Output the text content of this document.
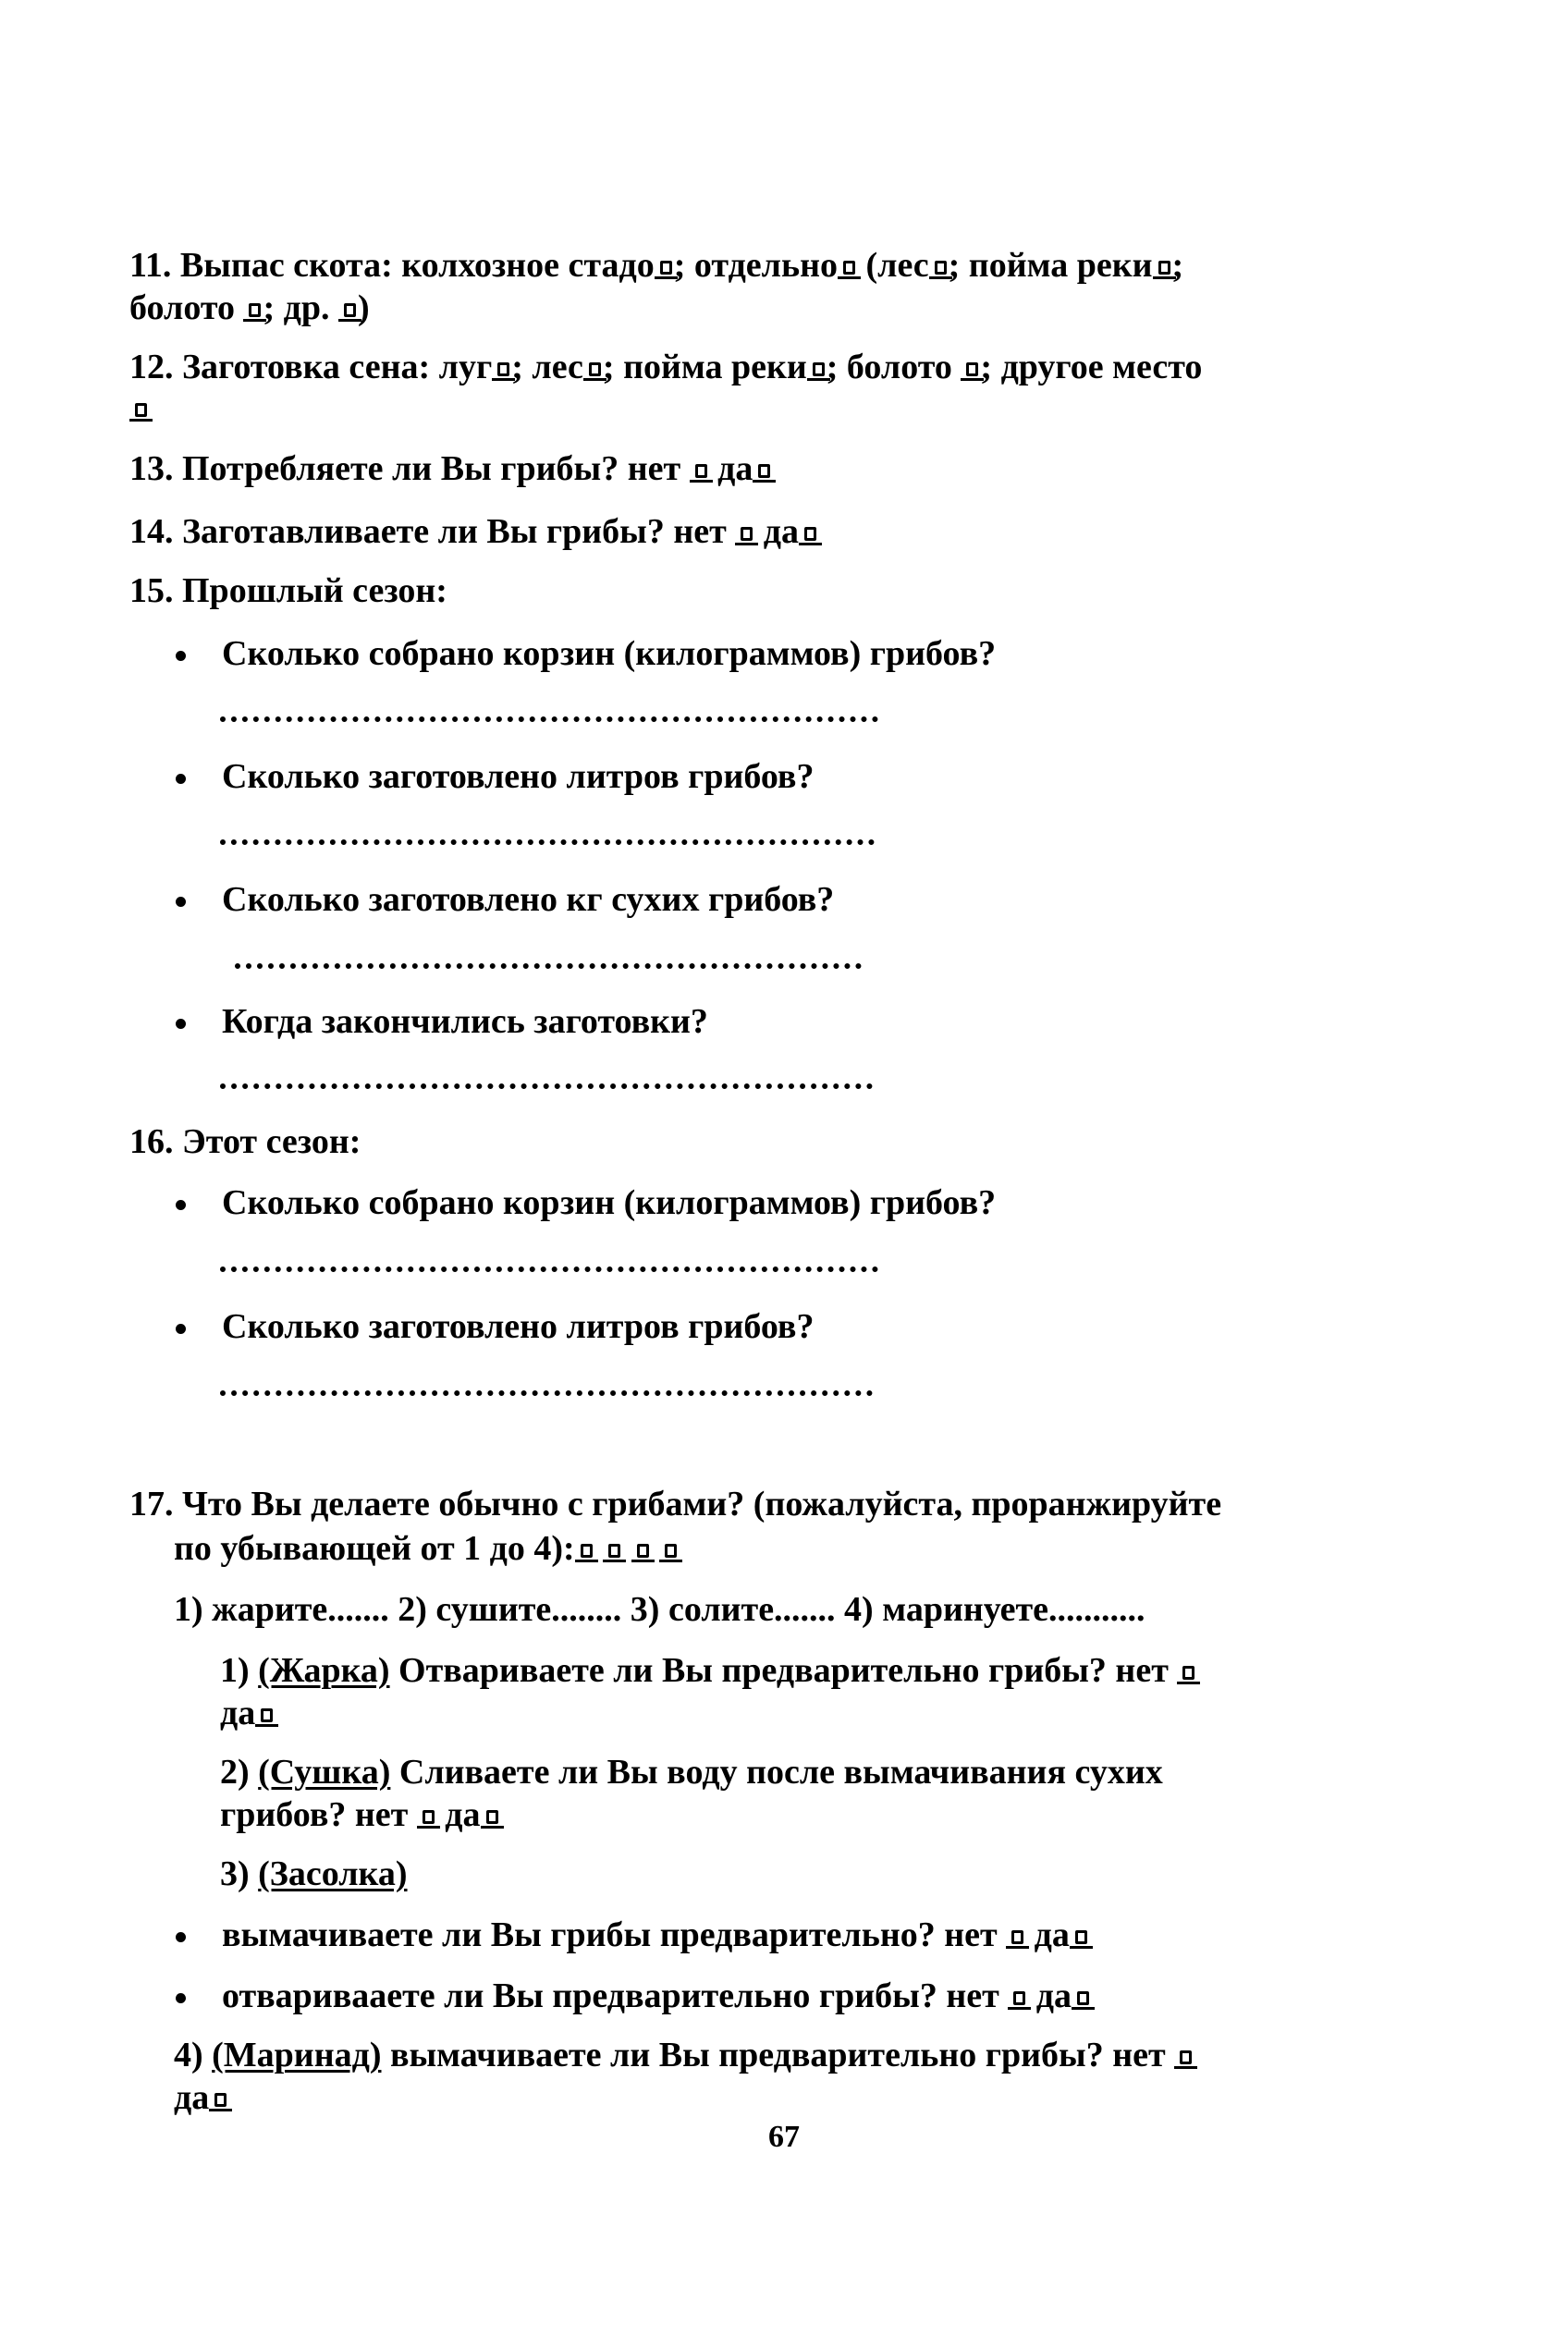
11. Выпас скота: колхозное стадо ; отдельно (лес ; пойма реки ;

болото ; др. )

12. Заготовка сена: луг ; лес ; пойма реки ; болото ; другое место

13. Потребляете ли Вы грибы? нет  да

14. Заготавливаете ли Вы грибы? нет  да

15. Прошлый сезон:

Сколько собрано корзин (килограммов) грибов?

Сколько заготовлено литров грибов?

Сколько заготовлено кг сухих грибов?

Когда закончились заготовки?

16. Этот сезон:

Сколько собрано корзин (килограммов) грибов?

Сколько заготовлено литров грибов?

17. Что Вы делаете обычно с грибами? (пожалуйста, проранжируйте

по убывающей от 1 до 4):

1) жарите....... 2) сушите........ 3) солите....... 4) маринуете...........

1) (Жарка) Отвариваете ли Вы предварительно грибы? нет

да

2) (Сушка) Сливаете ли Вы воду после вымачивания сухих

грибов? нет  да

3) (Засолка)

вымачиваете ли Вы грибы предварительно? нет  да

отваривааете ли Вы предварительно грибы? нет  да

4) (Маринад) вымачиваете ли Вы предварительно грибы? нет

да

67
